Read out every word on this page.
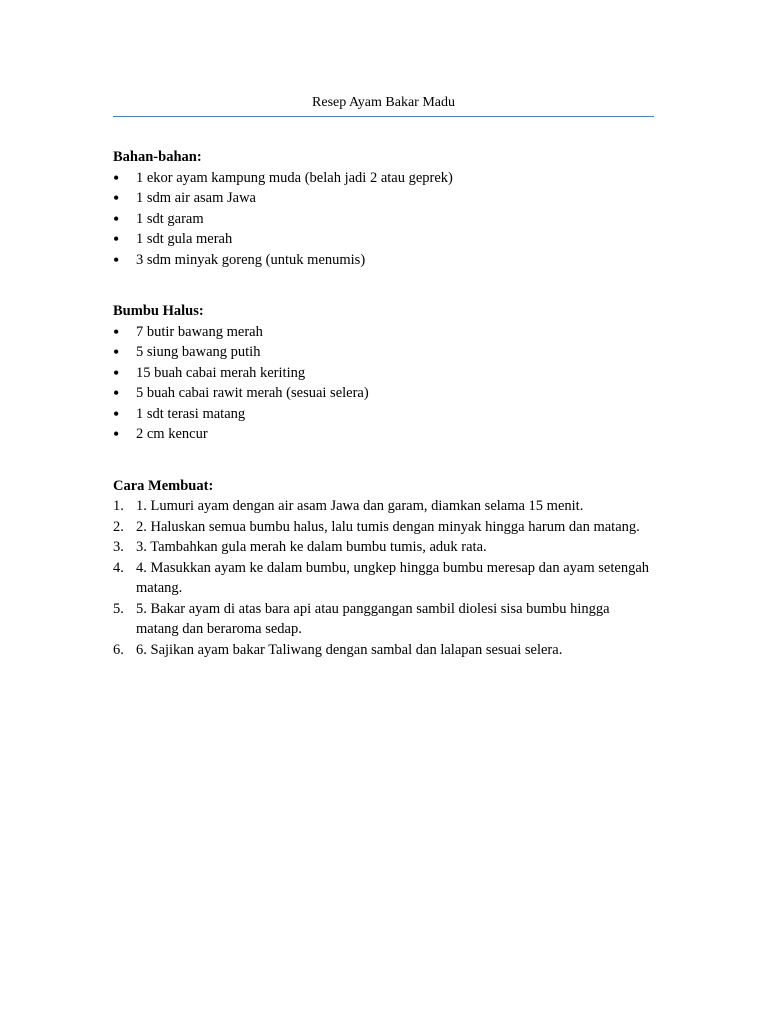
Resep Ayam Bakar Madu

Bahan-bahan:

•	1 ekor ayam kampung muda (belah jadi 2 atau geprek)
•	1 sdm air asam Jawa
•	1 sdt garam
•	1 sdt gula merah
•	3 sdm minyak goreng (untuk menumis)

Bumbu Halus:

•	7 butir bawang merah
•	5 siung bawang putih
•	15 buah cabai merah keriting
•	5 buah cabai rawit merah (sesuai selera)
•	1 sdt terasi matang
•	2 cm kencur

Cara Membuat:

1. 1. Lumuri ayam dengan air asam Jawa dan garam, diamkan selama 15 menit.
2. 2. Haluskan semua bumbu halus, lalu tumis dengan minyak hingga harum dan matang.
3. 3. Tambahkan gula merah ke dalam bumbu tumis, aduk rata.
4. 4. Masukkan ayam ke dalam bumbu, ungkep hingga bumbu meresap dan ayam setengah matang.
5. 5. Bakar ayam di atas bara api atau panggangan sambil diolesi sisa bumbu hingga matang dan beraroma sedap.
6. 6. Sajikan ayam bakar Taliwang dengan sambal dan lalapan sesuai selera.
